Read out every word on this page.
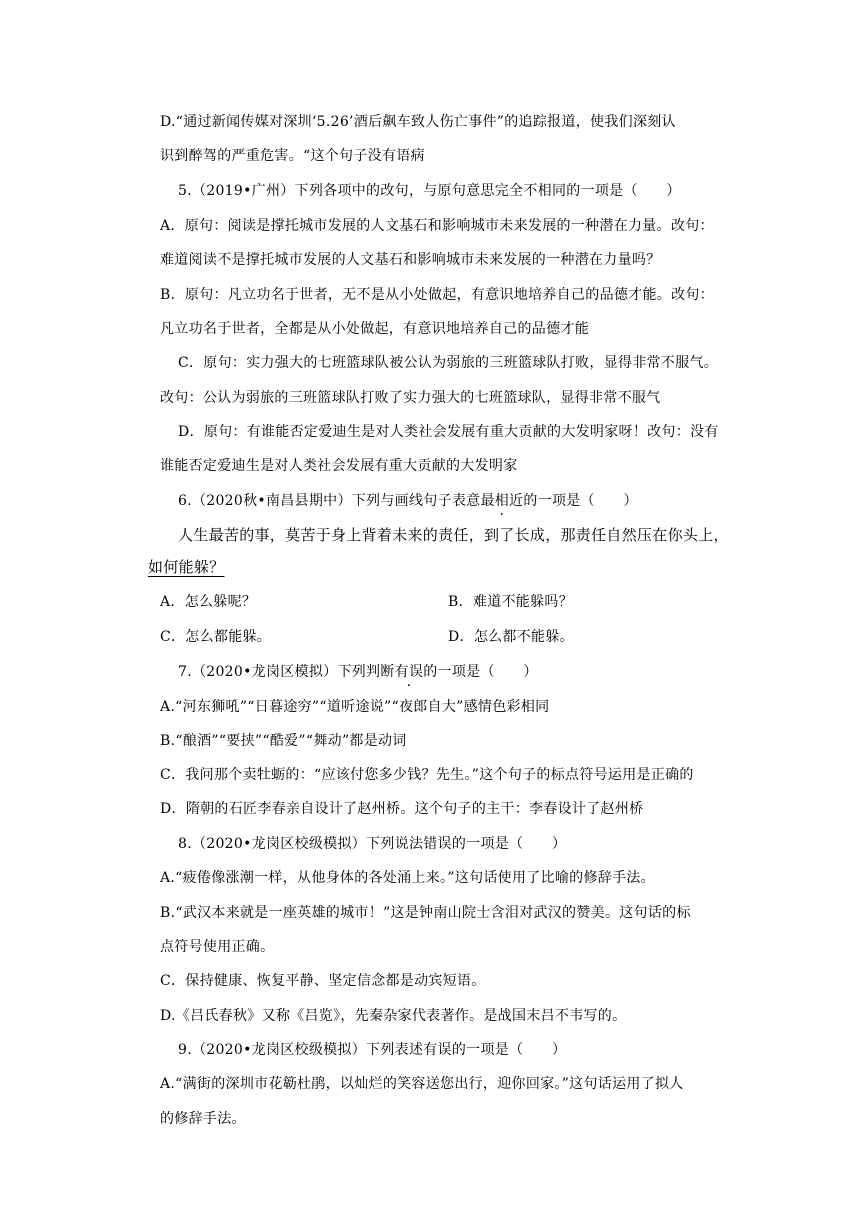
D.“通过新闻传媒对深圳‘5.26’酒后飙车致人伤亡事件”的追踪报道，使我们深刻认
识到醉驾的严重危害。“这个句子没有语病
5.（2019•广州）下列各项中的改句，与原句意思完全不相同的一项是（　　）
A．原句：阅读是撑托城市发展的人文基石和影响城市未来发展的一种潜在力量。改句：
难道阅读不是撑托城市发展的人文基石和影响城市未来发展的一种潜在力量吗？
B．原句：凡立功名于世者，无不是从小处做起，有意识地培养自己的品德才能。改句：
凡立功名于世者，全都是从小处做起，有意识地培养自己的品德才能
C．原句：实力强大的七班篮球队被公认为弱旅的三班篮球队打败，显得非常不服气。
改句：公认为弱旅的三班篮球队打败了实力强大的七班篮球队，显得非常不服气
D．原句：有谁能否定爱迪生是对人类社会发展有重大贡献的大发明家呀！改句：没有
谁能否定爱迪生是对人类社会发展有重大贡献的大发明家
6.（2020秋•南昌县期中）下列与画线句子表意最相近的一项是（　　）
人生最苦的事，莫苦于身上背着未来的责任，到了长成，那责任自然压在你头上，
如何能躲？
A．怎么躲呢？	B．难道不能躲吗？
C．怎么都能躲。	D．怎么都不能躲。
7.（2020•龙岗区模拟）下列判断有误的一项是（　　）
A.“河东狮吼”“日暮途穷”“道听途说”“夜郎自大”感情色彩相同
B.“酿酒”“要挟”“酷爱”“舞动”都是动词
C．我问那个卖牡蛎的：“应该付您多少钱？先生。”这个句子的标点符号运用是正确的
D．隋朝的石匠李春亲自设计了赵州桥。这个句子的主干：李春设计了赵州桥
8.（2020•龙岗区校级模拟）下列说法错误的一项是（　　）
A.“疲倦像涨潮一样，从他身体的各处涌上来。”这句话使用了比喻的修辞手法。
B.“武汉本来就是一座英雄的城市！”这是钟南山院士含泪对武汉的赞美。这句话的标
点符号使用正确。
C．保持健康、恢复平静、坚定信念都是动宾短语。
D.《吕氏春秋》又称《吕览》，先秦杂家代表著作。是战国末吕不韦写的。
9.（2020•龙岗区校级模拟）下列表述有误的一项是（　　）
A.“满街的深圳市花簕杜鹃，以灿烂的笑容送您出行，迎你回家。”这句话运用了拟人
的修辞手法。
